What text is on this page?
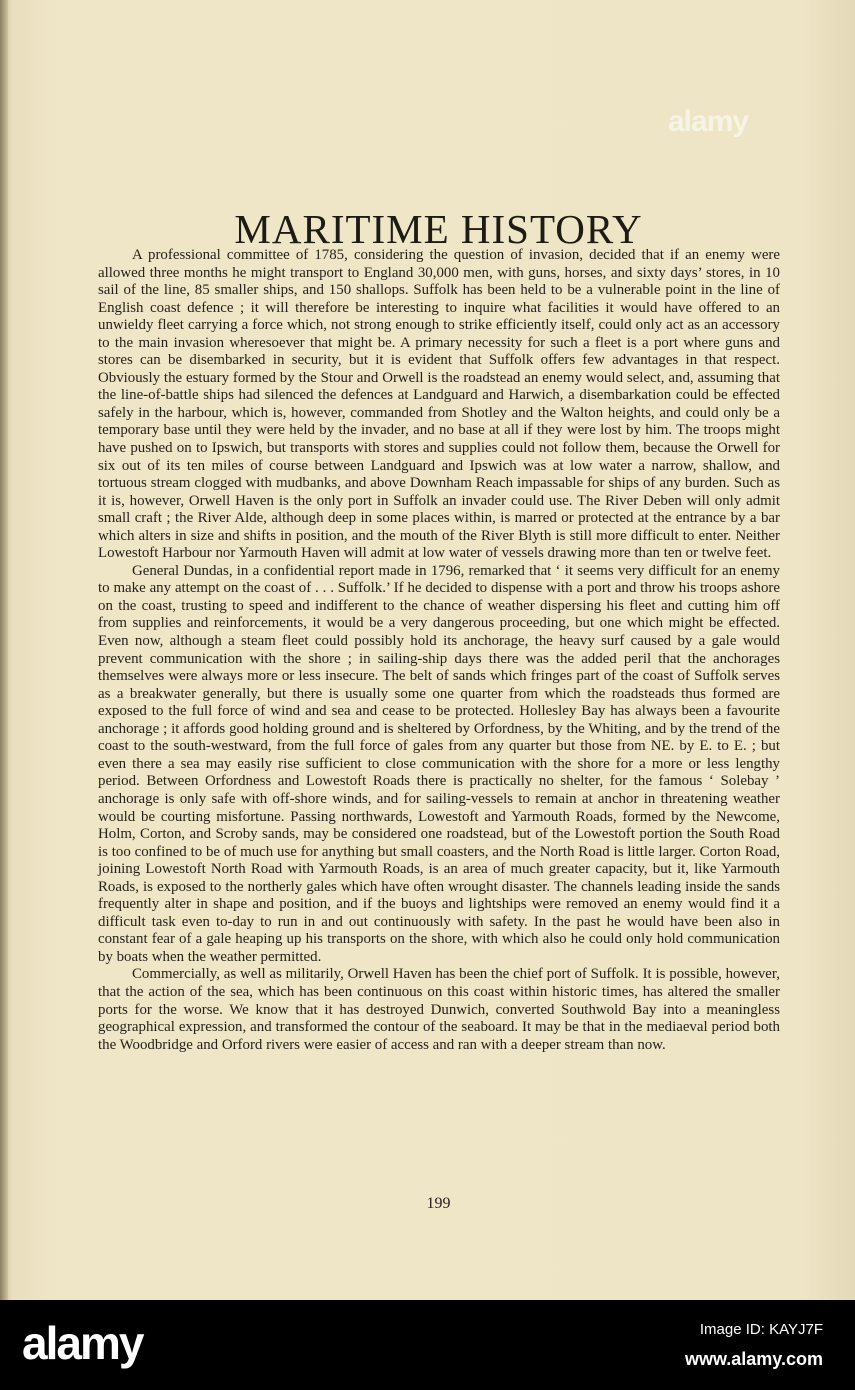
alamy
MARITIME HISTORY

A professional committee of 1785, considering the question of invasion, decided that if an enemy were allowed three months he might transport to England 30,000 men, with guns, horses, and sixty days’ stores, in 10 sail of the line, 85 smaller ships, and 150 shallops. Suffolk has been held to be a vulnerable point in the line of English coast defence ; it will therefore be interesting to inquire what facilities it would have offered to an unwieldy fleet carrying a force which, not strong enough to strike efficiently itself, could only act as an accessory to the main invasion wheresoever that might be. A primary necessity for such a fleet is a port where guns and stores can be disembarked in security, but it is evident that Suffolk offers few advantages in that respect. Obviously the estuary formed by the Stour and Orwell is the roadstead an enemy would select, and, assuming that the line-of-battle ships had silenced the defences at Landguard and Harwich, a disembarkation could be effected safely in the harbour, which is, however, commanded from Shotley and the Walton heights, and could only be a temporary base until they were held by the invader, and no base at all if they were lost by him. The troops might have pushed on to Ipswich, but transports with stores and supplies could not follow them, because the Orwell for six out of its ten miles of course between Landguard and Ipswich was at low water a narrow, shallow, and tortuous stream clogged with mudbanks, and above Downham Reach impassable for ships of any burden. Such as it is, however, Orwell Haven is the only port in Suffolk an invader could use. The River Deben will only admit small craft ; the River Alde, although deep in some places within, is marred or protected at the entrance by a bar which alters in size and shifts in position, and the mouth of the River Blyth is still more difficult to enter. Neither Lowestoft Harbour nor Yarmouth Haven will admit at low water of vessels drawing more than ten or twelve feet.

General Dundas, in a confidential report made in 1796, remarked that ‘ it seems very difficult for an enemy to make any attempt on the coast of . . . Suffolk.’ If he decided to dispense with a port and throw his troops ashore on the coast, trusting to speed and indifferent to the chance of weather dispersing his fleet and cutting him off from supplies and reinforcements, it would be a very dangerous proceeding, but one which might be effected. Even now, although a steam fleet could possibly hold its anchorage, the heavy surf caused by a gale would prevent communication with the shore ; in sailing-ship days there was the added peril that the anchorages themselves were always more or less insecure. The belt of sands which fringes part of the coast of Suffolk serves as a breakwater generally, but there is usually some one quarter from which the roadsteads thus formed are exposed to the full force of wind and sea and cease to be protected. Hollesley Bay has always been a favourite anchorage ; it affords good holding ground and is sheltered by Orfordness, by the Whiting, and by the trend of the coast to the south-westward, from the full force of gales from any quarter but those from NE. by E. to E. ; but even there a sea may easily rise sufficient to close communication with the shore for a more or less lengthy period. Between Orfordness and Lowestoft Roads there is practically no shelter, for the famous ‘ Solebay ’ anchorage is only safe with off-shore winds, and for sailing-vessels to remain at anchor in threatening weather would be courting misfortune. Passing northwards, Lowestoft and Yarmouth Roads, formed by the Newcome, Holm, Corton, and Scroby sands, may be considered one roadstead, but of the Lowestoft portion the South Road is too confined to be of much use for anything but small coasters, and the North Road is little larger. Corton Road, joining Lowestoft North Road with Yarmouth Roads, is an area of much greater capacity, but it, like Yarmouth Roads, is exposed to the northerly gales which have often wrought disaster. The channels leading inside the sands frequently alter in shape and position, and if the buoys and lightships were removed an enemy would find it a difficult task even to-day to run in and out continuously with safety. In the past he would have been also in constant fear of a gale heaping up his transports on the shore, with which also he could only hold communication by boats when the weather permitted.

Commercially, as well as militarily, Orwell Haven has been the chief port of Suffolk. It is possible, however, that the action of the sea, which has been continuous on this coast within historic times, has altered the smaller ports for the worse. We know that it has destroyed Dunwich, converted Southwold Bay into a meaningless geographical expression, and transformed the contour of the seaboard. It may be that in the mediaeval period both the Woodbridge and Orford rivers were easier of access and ran with a deeper stream than now.

199
alamy	Image ID: KAYJ7F
www.alamy.com
